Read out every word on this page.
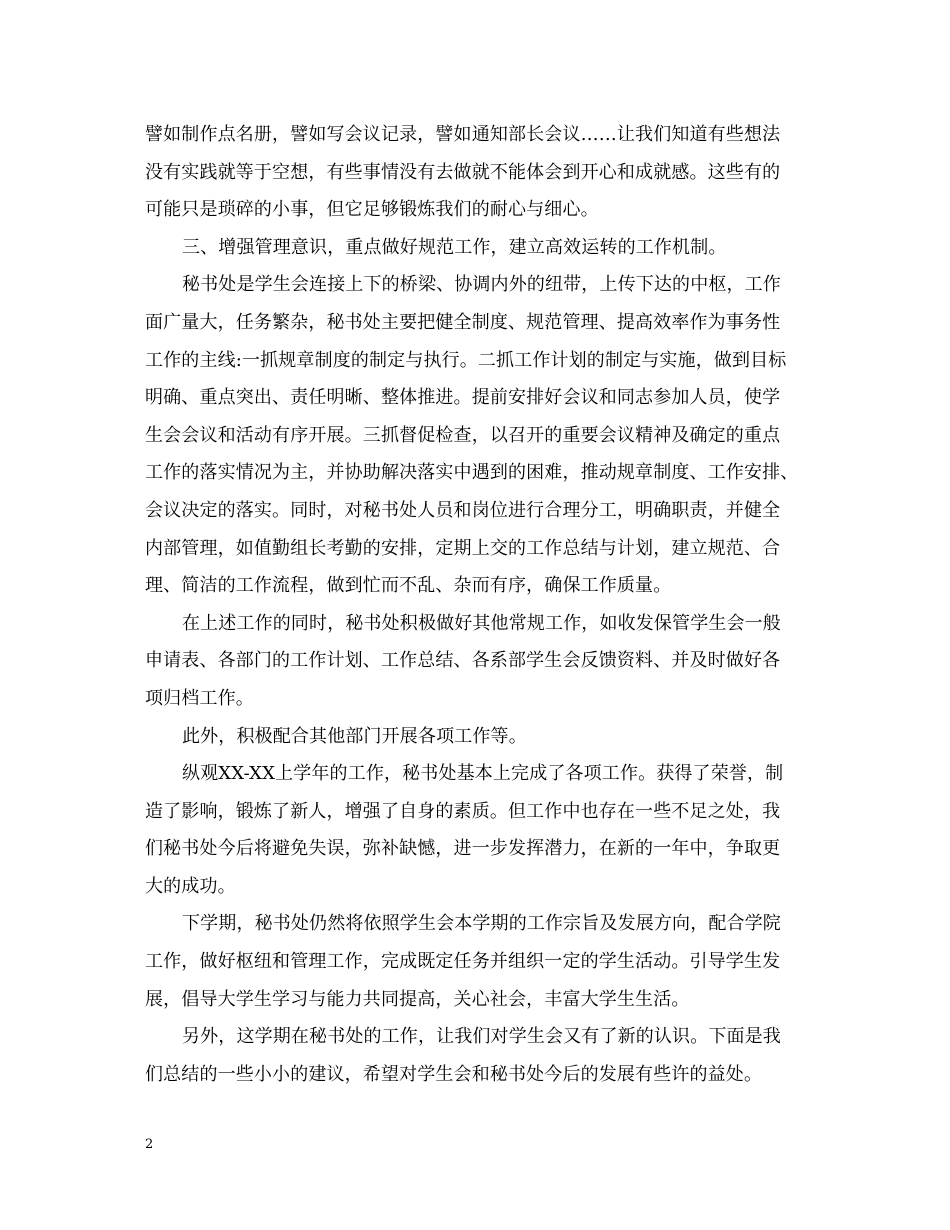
譬如制作点名册，譬如写会议记录，譬如通知部长会议……让我们知道有些想法
没有实践就等于空想，有些事情没有去做就不能体会到开心和成就感。这些有的
可能只是琐碎的小事，但它足够锻炼我们的耐心与细心。
三、增强管理意识，重点做好规范工作，建立高效运转的工作机制。
秘书处是学生会连接上下的桥梁、协调内外的纽带，上传下达的中枢，工作
面广量大，任务繁杂，秘书处主要把健全制度、规范管理、提高效率作为事务性
工作的主线:一抓规章制度的制定与执行。二抓工作计划的制定与实施，做到目标
明确、重点突出、责任明晰、整体推进。提前安排好会议和同志参加人员，使学
生会会议和活动有序开展。三抓督促检查，以召开的重要会议精神及确定的重点
工作的落实情况为主，并协助解决落实中遇到的困难，推动规章制度、工作安排、
会议决定的落实。同时，对秘书处人员和岗位进行合理分工，明确职责，并健全
内部管理，如值勤组长考勤的安排，定期上交的工作总结与计划，建立规范、合
理、简洁的工作流程，做到忙而不乱、杂而有序，确保工作质量。
在上述工作的同时，秘书处积极做好其他常规工作，如收发保管学生会一般
申请表、各部门的工作计划、工作总结、各系部学生会反馈资料、并及时做好各
项归档工作。
此外，积极配合其他部门开展各项工作等。
纵观XX-XX上学年的工作，秘书处基本上完成了各项工作。获得了荣誉，制
造了影响，锻炼了新人，增强了自身的素质。但工作中也存在一些不足之处，我
们秘书处今后将避免失误，弥补缺憾，进一步发挥潜力，在新的一年中，争取更
大的成功。
下学期，秘书处仍然将依照学生会本学期的工作宗旨及发展方向，配合学院
工作，做好枢纽和管理工作，完成既定任务并组织一定的学生活动。引导学生发
展，倡导大学生学习与能力共同提高，关心社会，丰富大学生生活。
另外，这学期在秘书处的工作，让我们对学生会又有了新的认识。下面是我
们总结的一些小小的建议，希望对学生会和秘书处今后的发展有些许的益处。
2
